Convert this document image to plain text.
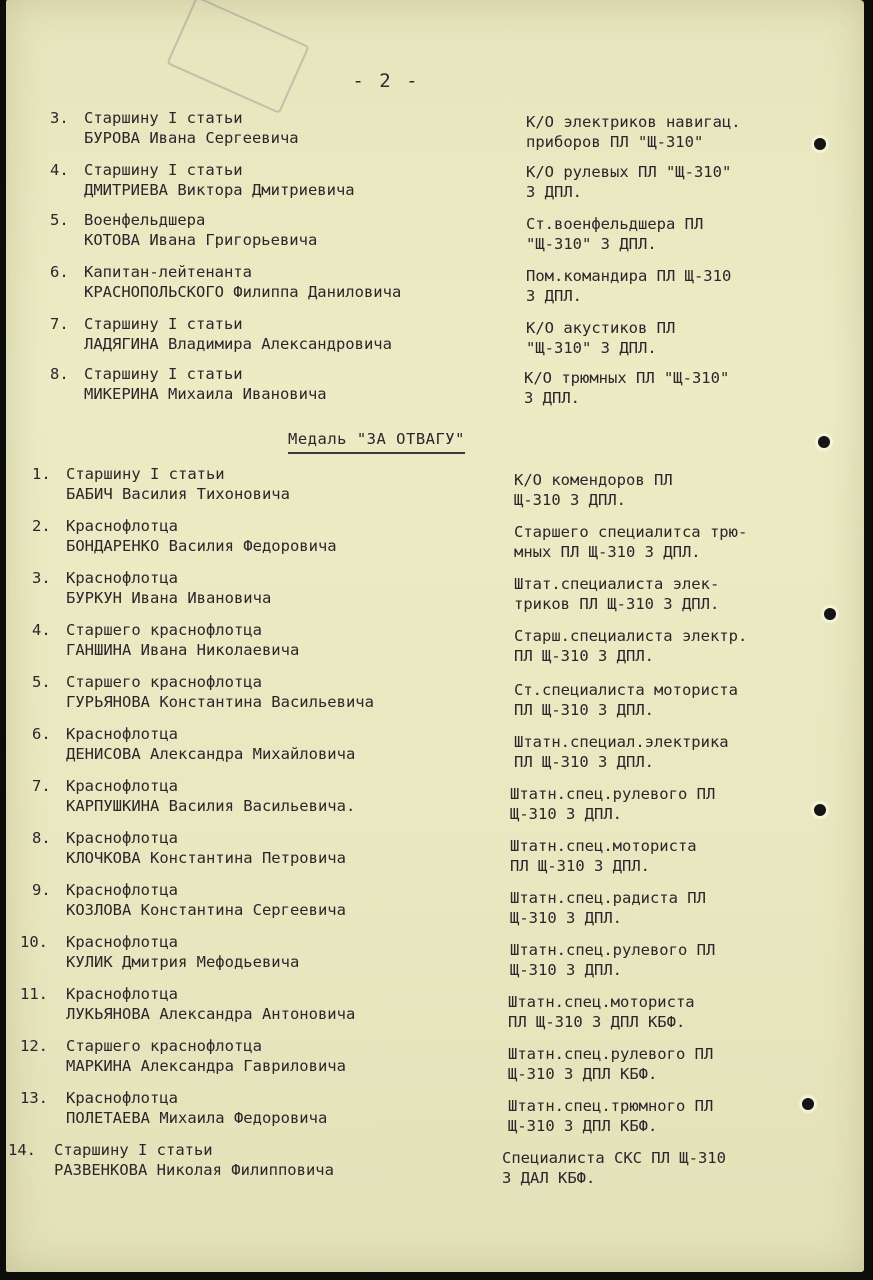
- 2 -
3. Старшину I статьи
БУРОВА Ивана Сергеевича
К/О электриков навигац.
приборов ПЛ "Щ-310"
4. Старшину I статьи
ДМИТРИЕВА Виктора Дмитриевича
К/О рулевых ПЛ "Щ-310"
3 ДПЛ.
5. Военфельдшера
КОТОВА Ивана Григорьевича
Ст.военфельдшера ПЛ
"Щ-310" 3 ДПЛ.
6. Капитан-лейтенанта
КРАСНОПОЛЬСКОГО Филиппа Даниловича
Пом.командира ПЛ Щ-310
3 ДПЛ.
7. Старшину I статьи
ЛАДЯГИНА Владимира Александровича
К/О акустиков ПЛ
"Щ-310" 3 ДПЛ.
8. Старшину I статьи
МИКЕРИНА Михаила Ивановича
К/О трюмных ПЛ "Щ-310"
3 ДПЛ.
Медаль "ЗА ОТВАГУ"
1. Старшину I статьи
БАБИЧ Василия Тихоновича
К/О комендоров ПЛ
Щ-310 3 ДПЛ.
2. Краснофлотца
БОНДАРЕНКО Василия Федоровича
Старшего специалитса трю-
мных ПЛ Щ-310 3 ДПЛ.
3. Краснофлотца
БУРКУН Ивана Ивановича
Штат.специалиста элек-
триков ПЛ Щ-310 3 ДПЛ.
4. Старшего краснофлотца
ГАНШИНА Ивана Николаевича
Старш.специалиста электр.
ПЛ Щ-310 3 ДПЛ.
5. Старшего краснофлотца
ГУРЬЯНОВА Константина Васильевича
Ст.специалиста моториста
ПЛ Щ-310 3 ДПЛ.
6. Краснофлотца
ДЕНИСОВА Александра Михайловича
Штатн.специал.электрика
ПЛ Щ-310 3 ДПЛ.
7. Краснофлотца
КАРПУШКИНА Василия Васильевича.
Штатн.спец.рулевого ПЛ
Щ-310 3 ДПЛ.
8. Краснофлотца
КЛОЧКОВА Константина Петровича
Штатн.спец.моториста
ПЛ Щ-310 3 ДПЛ.
9. Краснофлотца
КОЗЛОВА Константина Сергеевича
Штатн.спец.радиста ПЛ
Щ-310 3 ДПЛ.
10. Краснофлотца
КУЛИК Дмитрия Мефодьевича
Штатн.спец.рулевого ПЛ
Щ-310 3 ДПЛ.
11. Краснофлотца
ЛУКЬЯНОВА Александра Антоновича
Штатн.спец.моториста
ПЛ Щ-310 3 ДПЛ КБФ.
12. Старшего краснофлотца
МАРКИНА Александра Гавриловича
Штатн.спец.рулевого ПЛ
Щ-310 3 ДПЛ КБФ.
13. Краснофлотца
ПОЛЕТАЕВА Михаила Федоровича
Штатн.спец.трюмного ПЛ
Щ-310 3 ДПЛ КБФ.
14. Старшину I статьи
РАЗВЕНКОВА Николая Филипповича
Специалиста СКС ПЛ Щ-310
3 ДАЛ КБФ.
